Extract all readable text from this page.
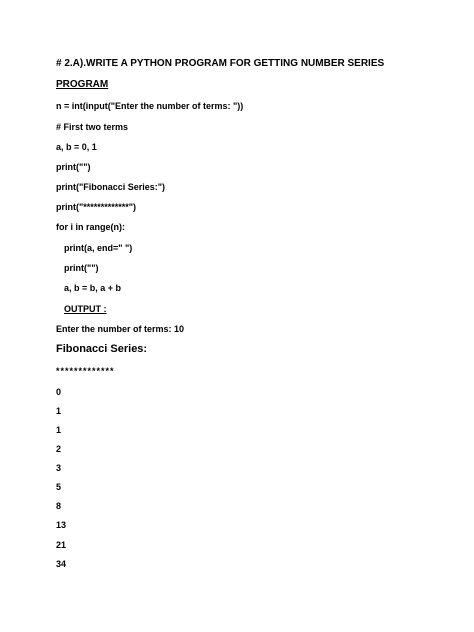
# 2.A).WRITE A PYTHON PROGRAM FOR GETTING NUMBER SERIES

PROGRAM

n = int(input("Enter the number of terms: "))

# First two terms

a, b = 0, 1

print("")

print("Fibonacci Series:")

print("*************")

for i in range(n):

print(a, end=" ")

print("")

a, b = b, a + b

OUTPUT :

Enter the number of terms: 10

Fibonacci Series:

*************

0

1

1

2

3

5

8

13

21

34
